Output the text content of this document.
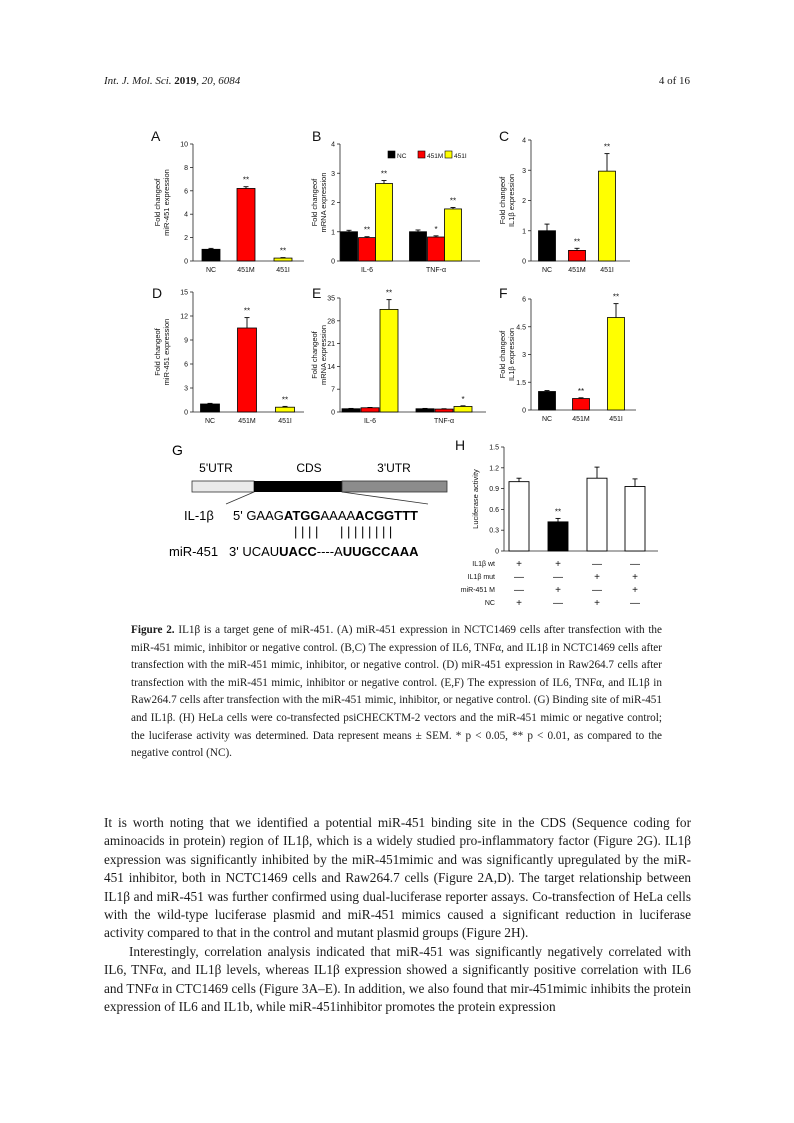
Int. J. Mol. Sci. 2019, 20, 6084	4 of 16
G
5'UTR	CDS	3'UTR
IL-1β 5' GAAGATGGAAAAACGGTTT
| | | |      | | | | | | | |
miR-451 3' UCAUUACC----AUUGCCAAA
A
0
2
4
6
8
10
Fold changeof miR-451 expression
NC
**
451M
**
451I
B
0
1
2
3
4
Fold changeof mRNA expression	**
**
IL-6
*
**
TNF-α
NC	451M 451I
C
0
1
2
3
4
Fold changeof IL1β expression
NC
**
451M
**
451I
D
0
3
6
9
12
15
Fold changeof miR-451 expression
NC
**
451M
**
451I
E
0
7
14
21
28
35
Fold changeof mRNA expression
**
IL-6
*
TNF-α
F
0
1.5
3
4.5
6
Fold changeof IL1β expression
NC
**
451M
**
451I
H
0
0.3
0.6
0.9
1.2
1.5
Luciferase activity	**
IL1β wt +	+	—	—
IL1β mut —	—	+	+
miR-451 M —	+	—	+
NC +	—	+	—
Figure 2. IL1β is a target gene of miR-451. (A) miR-451 expression in NCTC1469 cells after transfection with the miR-451 mimic, inhibitor or negative control. (B,C) The expression of IL6, TNFα, and IL1β in NCTC1469 cells after transfection with the miR-451 mimic, inhibitor, or negative control. (D) miR-451 expression in Raw264.7 cells after transfection with the miR-451 mimic, inhibitor or negative control. (E,F) The expression of IL6, TNFα, and IL1β in Raw264.7 cells after transfection with the miR-451 mimic, inhibitor, or negative control. (G) Binding site of miR-451 and IL1β. (H) HeLa cells were co-transfected psiCHECKTM-2 vectors and the miR-451 mimic or negative control; the luciferase activity was determined. Data represent means ± SEM. * p < 0.05, ** p < 0.01, as compared to the negative control (NC).

It is worth noting that we identified a potential miR-451 binding site in the CDS (Sequence coding for aminoacids in protein) region of IL1β, which is a widely studied pro-inflammatory factor (Figure 2G). IL1β expression was significantly inhibited by the miR-451mimic and was significantly upregulated by the miR-451 inhibitor, both in NCTC1469 cells and Raw264.7 cells (Figure 2A,D). The target relationship between IL1β and miR-451 was further confirmed using dual-luciferase reporter assays. Co-transfection of HeLa cells with the wild-type luciferase plasmid and miR-451 mimics caused a significant reduction in luciferase activity compared to that in the control and mutant plasmid groups (Figure 2H).

Interestingly, correlation analysis indicated that miR-451 was significantly negatively correlated with IL6, TNFα, and IL1β levels, whereas IL1β expression showed a significantly positive correlation with IL6 and TNFα in CTC1469 cells (Figure 3A–E). In addition, we also found that mir-451mimic inhibits the protein expression of IL6 and IL1b, while miR-451inhibitor promotes the protein expression
